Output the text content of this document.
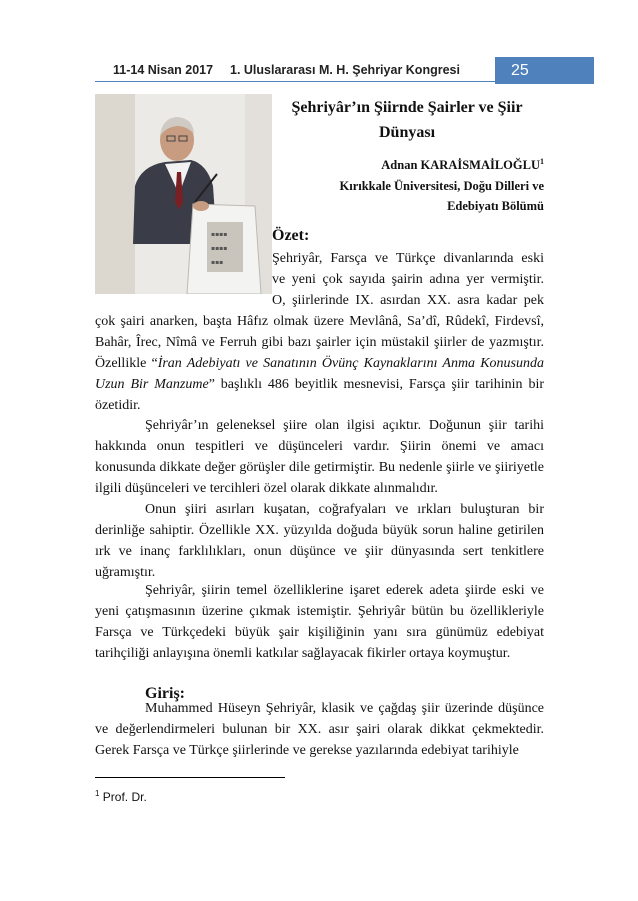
11-14 Nisan 2017 1. Uluslararası M. H. Şehriyar Kongresi	25
▪▪▪▪
▪▪▪▪
▪▪▪
Şehriyâr’ın Şiirnde Şairler ve Şiir
Dünyası
Adnan KARAİSMAİLOĞLU$^1$
Kırıkkale Üniversitesi, Doğu Dilleri ve
Edebiyatı Bölümü
Özet:
Şehriyâr, Farsça ve Türkçe divanlarında eski
ve yeni çok sayıda şairin adına yer vermiştir.
O, şiirlerinde IX. asırdan XX. asra kadar pek

çok şairi anarken, başta Hâfız olmak üzere Mevlânâ, Sa’dî, Rûdekî, Firdevsî, Bahâr, Îrec, Nîmâ ve Ferruh gibi bazı şairler için müstakil şiirler de yazmıştır. Özellikle “İran Adebiyatı ve Sanatının Övünç Kaynaklarını Anma Konusunda Uzun Bir Manzume” başlıklı 486 beyitlik mesnevisi, Farsça şiir tarihinin bir özetidir.

Şehriyâr’ın geleneksel şiire olan ilgisi açıktır. Doğunun şiir tarihi hakkında onun tespitleri ve düşünceleri vardır. Şiirin önemi ve amacı konusunda dikkate değer görüşler dile getirmiştir. Bu nedenle şiirle ve şiiriyetle ilgili düşünceleri ve tercihleri özel olarak dikkate alınmalıdır.

Onun şiiri asırları kuşatan, coğrafyaları ve ırkları buluşturan bir derinliğe sahiptir. Özellikle XX. yüzyılda doğuda büyük sorun haline getirilen ırk ve inanç farklılıkları, onun düşünce ve şiir dünyasında sert tenkitlere uğramıştır.

Şehriyâr, şiirin temel özelliklerine işaret ederek adeta şiirde eski ve yeni çatışmasının üzerine çıkmak istemiştir. Şehriyâr bütün bu özellikleriyle Farsça ve Türkçedeki büyük şair kişiliğinin yanı sıra günümüz edebiyat tarihçiliği anlayışına önemli katkılar sağlayacak fikirler ortaya koymuştur.

Giriş:

Muhammed Hüseyn Şehriyâr, klasik ve çağdaş şiir üzerinde düşünce ve değerlendirmeleri bulunan bir XX. asır şairi olarak dikkat çekmektedir. Gerek Farsça ve Türkçe şiirlerinde ve gerekse yazılarında edebiyat tarihiyle

$^1$ Prof. Dr.
